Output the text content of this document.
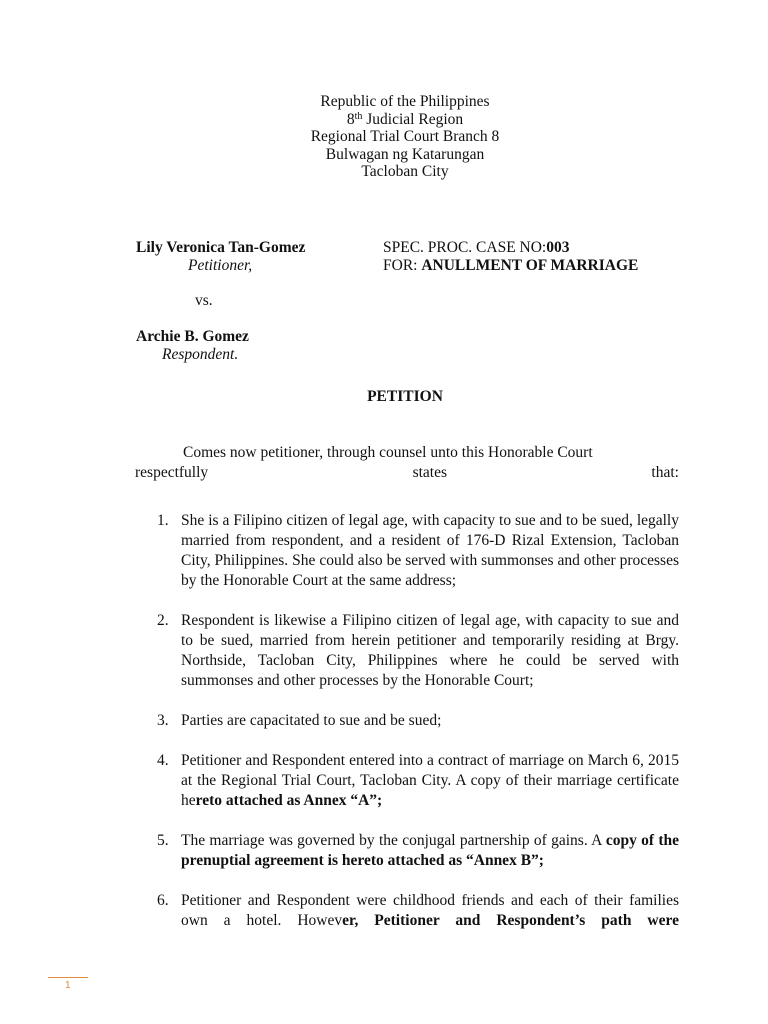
Republic of the Philippines
8th Judicial Region
Regional Trial Court Branch 8
Bulwagan ng Katarungan
Tacloban City
Lily Veronica Tan-Gomez
Petitioner,
SPEC. PROC. CASE NO:003
FOR: ANULLMENT OF MARRIAGE
vs.
Archie B. Gomez
Respondent.
PETITION
Comes now petitioner, through counsel unto this Honorable Court
respectfully	states	that:
1. She is a Filipino citizen of legal age, with capacity to sue and to be sued, legally married from respondent, and a resident of 176-D Rizal Extension, Tacloban City, Philippines. She could also be served with summonses and other processes by the Honorable Court at the same address;
2. Respondent is likewise a Filipino citizen of legal age, with capacity to sue and to be sued, married from herein petitioner and temporarily residing at Brgy. Northside, Tacloban City, Philippines where he could be served with summonses and other processes by the Honorable Court;
3. Parties are capacitated to sue and be sued;
4. Petitioner and Respondent entered into a contract of marriage on March 6, 2015 at the Regional Trial Court, Tacloban City. A copy of their marriage certificate hereto attached as Annex “A”;
5. The marriage was governed by the conjugal partnership of gains. A copy of the prenuptial agreement is hereto attached as “Annex B”;
6. Petitioner and Respondent were childhood friends and each of their families own a hotel. However, Petitioner and Respondent’s path were
1
